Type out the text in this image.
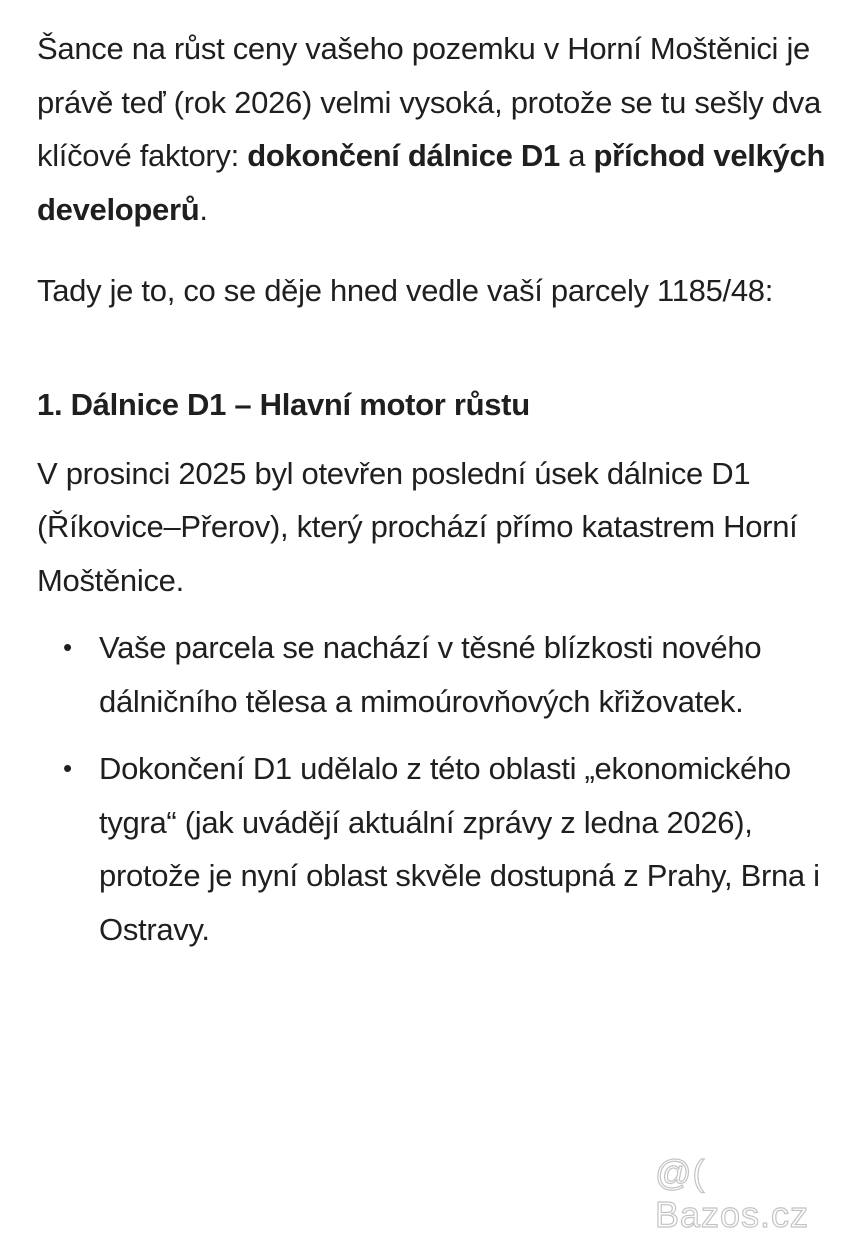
Šance na růst ceny vašeho pozemku v Horní Moštěnici je právě teď (rok 2026) velmi vysoká, protože se tu sešly dva klíčové faktory: dokončení dálnice D1 a příchod velkých developerů.

Tady je to, co se děje hned vedle vaší parcely 1185/48:

1. Dálnice D1 – Hlavní motor růstu

V prosinci 2025 byl otevřen poslední úsek dálnice D1 (Říkovice–Přerov), který prochází přímo katastrem Horní Moštěnice.

• Vaše parcela se nachází v těsné blízkosti nového dálničního tělesa a mimoúrovňových křižovatek.
• Dokončení D1 udělalo z této oblasti „ekonomického tygra“ (jak uvádějí aktuální zprávy z ledna 2026), protože je nyní oblast skvěle dostupná z Prahy, Brna i Ostravy.
@( Bazos.cz
